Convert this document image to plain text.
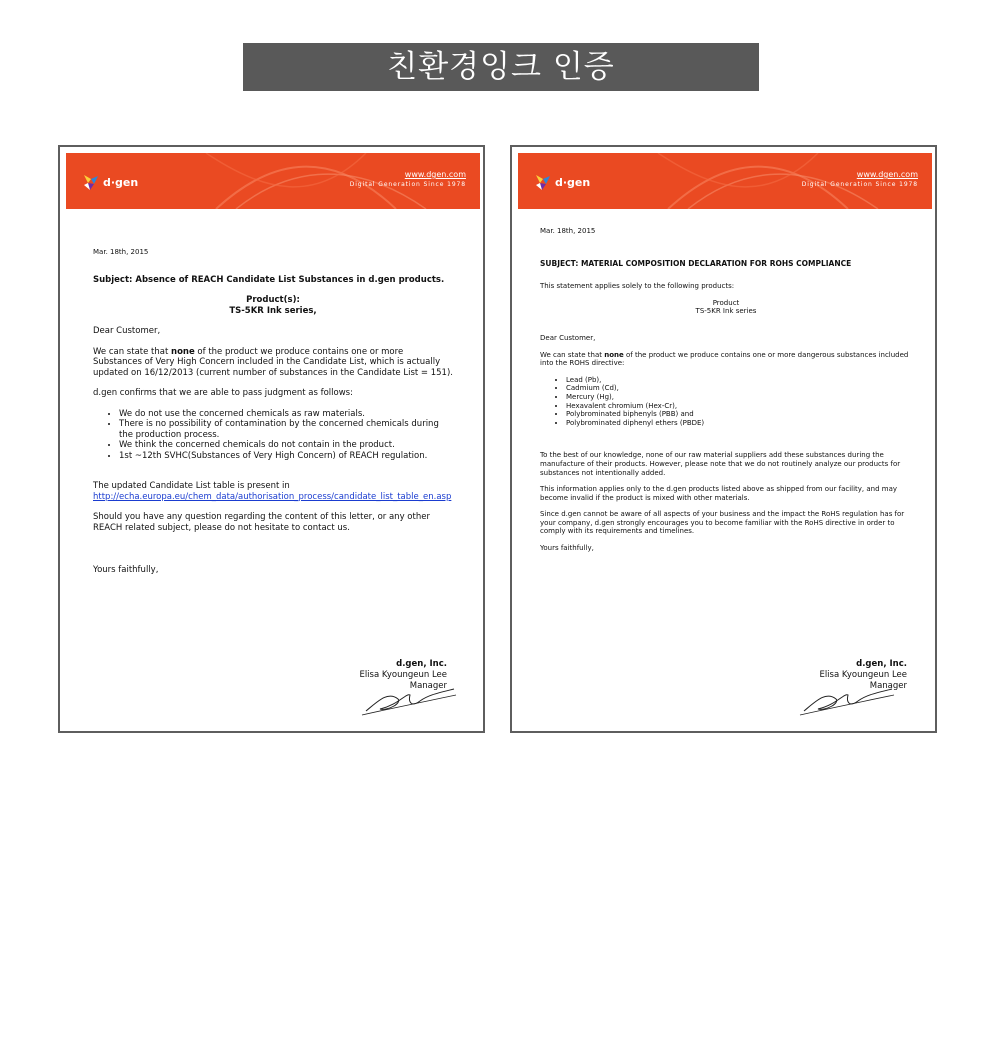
친환경잉크 인증
d·gen
www.dgen.com
Digital Generation Since 1978

Mar. 18th, 2015

Subject: Absence of REACH Candidate List Substances in d.gen products.

Product(s):

TS-5KR Ink series,

Dear Customer,

We can state that none of the product we produce contains one or more Substances of Very High Concern included in the Candidate List, which is actually updated on 16/12/2013 (current number of substances in the Candidate List = 151).

d.gen confirms that we are able to pass judgment as follows:

• We do not use the concerned chemicals as raw materials.
• There is no possibility of contamination by the concerned chemicals during the production process.
• We think the concerned chemicals do not contain in the product.
• 1st ~12th SVHC(Substances of Very High Concern) of REACH regulation.

The updated Candidate List table is present in

http://echa.europa.eu/chem_data/authorisation_process/candidate_list_table_en.asp

Should you have any question regarding the content of this letter, or any other REACH related subject, please do not hesitate to contact us.

Yours faithfully,

d.gen, Inc.
Elisa Kyoungeun Lee
Manager
d·gen
www.dgen.com
Digital Generation Since 1978

Mar. 18th, 2015

SUBJECT: MATERIAL COMPOSITION DECLARATION FOR ROHS COMPLIANCE

This statement applies solely to the following products:

Product

TS-5KR Ink series

Dear Customer,

We can state that none of the product we produce contains one or more dangerous substances included into the ROHS directive:

• Lead (Pb),
• Cadmium (Cd),
• Mercury (Hg),
• Hexavalent chromium (Hex-Cr),
• Polybrominated biphenyls (PBB) and
• Polybrominated diphenyl ethers (PBDE)

To the best of our knowledge, none of our raw material suppliers add these substances during the manufacture of their products. However, please note that we do not routinely analyze our products for substances not intentionally added.

This information applies only to the d.gen products listed above as shipped from our facility, and may become invalid if the product is mixed with other materials.

Since d.gen cannot be aware of all aspects of your business and the impact the RoHS regulation has for your company, d.gen strongly encourages you to become familiar with the RoHS directive in order to comply with its requirements and timelines.

Yours faithfully,

d.gen, Inc.
Elisa Kyoungeun Lee
Manager
